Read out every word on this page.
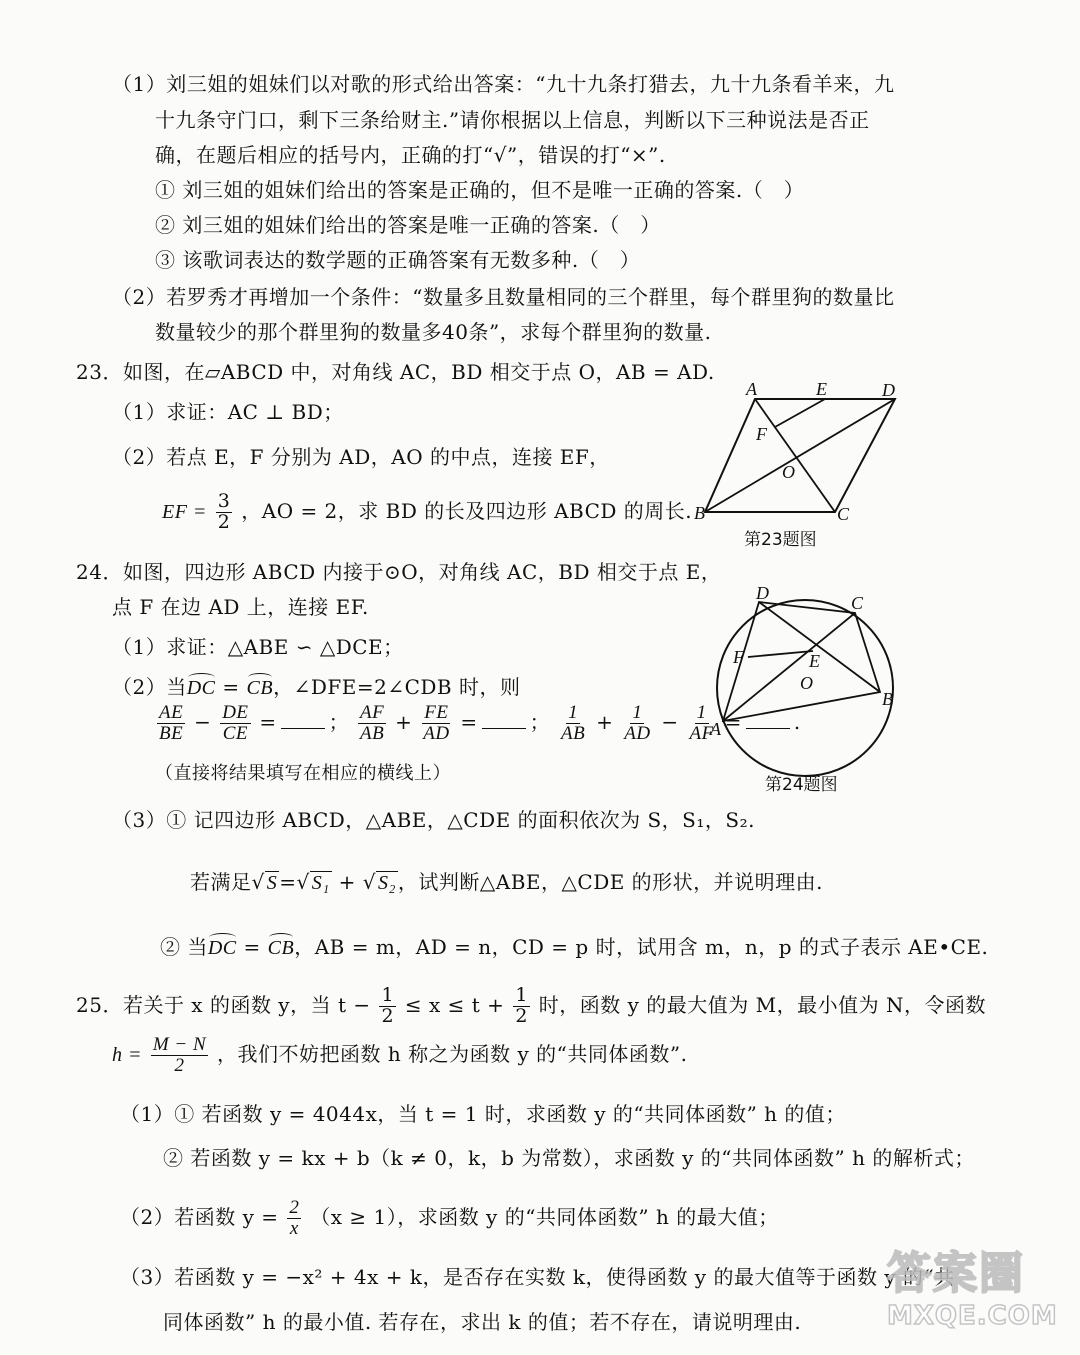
（1）刘三姐的姐妹们以对歌的形式给出答案：“九十九条打猎去，九十九条看羊来，九
十九条守门口，剩下三条给财主.”请你根据以上信息，判断以下三种说法是否正
确，在题后相应的括号内，正确的打“√”，错误的打“×”.
① 刘三姐的姐妹们给出的答案是正确的，但不是唯一正确的答案.（　）
② 刘三姐的姐妹们给出的答案是唯一正确的答案.（　）
③ 该歌词表达的数学题的正确答案有无数多种.（　）
（2）若罗秀才再增加一个条件：“数量多且数量相同的三个群里，每个群里狗的数量比
数量较少的那个群里狗的数量多40条”，求每个群里狗的数量.
23．如图，在▱ABCD 中，对角线 AC，BD 相交于点 O，AB = AD.
（1）求证：AC ⊥ BD；
（2）若点 E，F 分别为 AD，AO 的中点，连接 EF，
EF = $\frac{3}{2}$ ，AO = 2，求 BD 的长及四边形 ABCD 的周长.
A	E	D
F
O
B	C
第23题图
24．如图，四边形 ABCD 内接于⊙O，对角线 AC，BD 相交于点 E，
点 F 在边 AD 上，连接 EF.
（1）求证：△ABE ∽ △DCE；
（2）当DC = CB，∠DFE=2∠CDB 时，则
$\frac{AE}{BE} - \frac{DE}{CE}$ =	； $\frac{AF}{AB} + \frac{FE}{AD}$ =	； $\frac{1}{AB} + \frac{1}{AD} - \frac{1}{AF}$ =	.
（直接将结果填写在相应的横线上）
D	C
F	E
O
B
A
第24题图
（3）① 记四边形 ABCD，△ABE，△CDE 的面积依次为 S，S₁，S₂.
若满足√ S =√ S₁ + √ S₂ ，试判断△ABE，△CDE 的形状，并说明理由.
② 当DC = CB，AB = m，AD = n，CD = p 时，试用含 m，n，p 的式子表示 AE•CE.
25．若关于 x 的函数 y，当 $t - \frac{1}{2} \le x \le t + \frac{1}{2}$ 时，函数 y 的最大值为 M，最小值为 N，令函数
$h = \frac{M - N}{2}$ ，我们不妨把函数 h 称之为函数 y 的“共同体函数”.
（1）① 若函数 y = 4044x，当 t = 1 时，求函数 y 的“共同体函数” h 的值；
② 若函数 y = kx + b（k ≠ 0，k，b 为常数），求函数 y 的“共同体函数” h 的解析式；
（2）若函数 $y = \frac{2}{x} (x \ge 1)$，求函数 y 的“共同体函数” h 的最大值；
（3）若函数 y = −x² + 4x + k，是否存在实数 k，使得函数 y 的最大值等于函数 y 的“共
同体函数” h 的最小值. 若存在，求出 k 的值；若不存在，请说明理由.
答案圈
MXQE.COM
